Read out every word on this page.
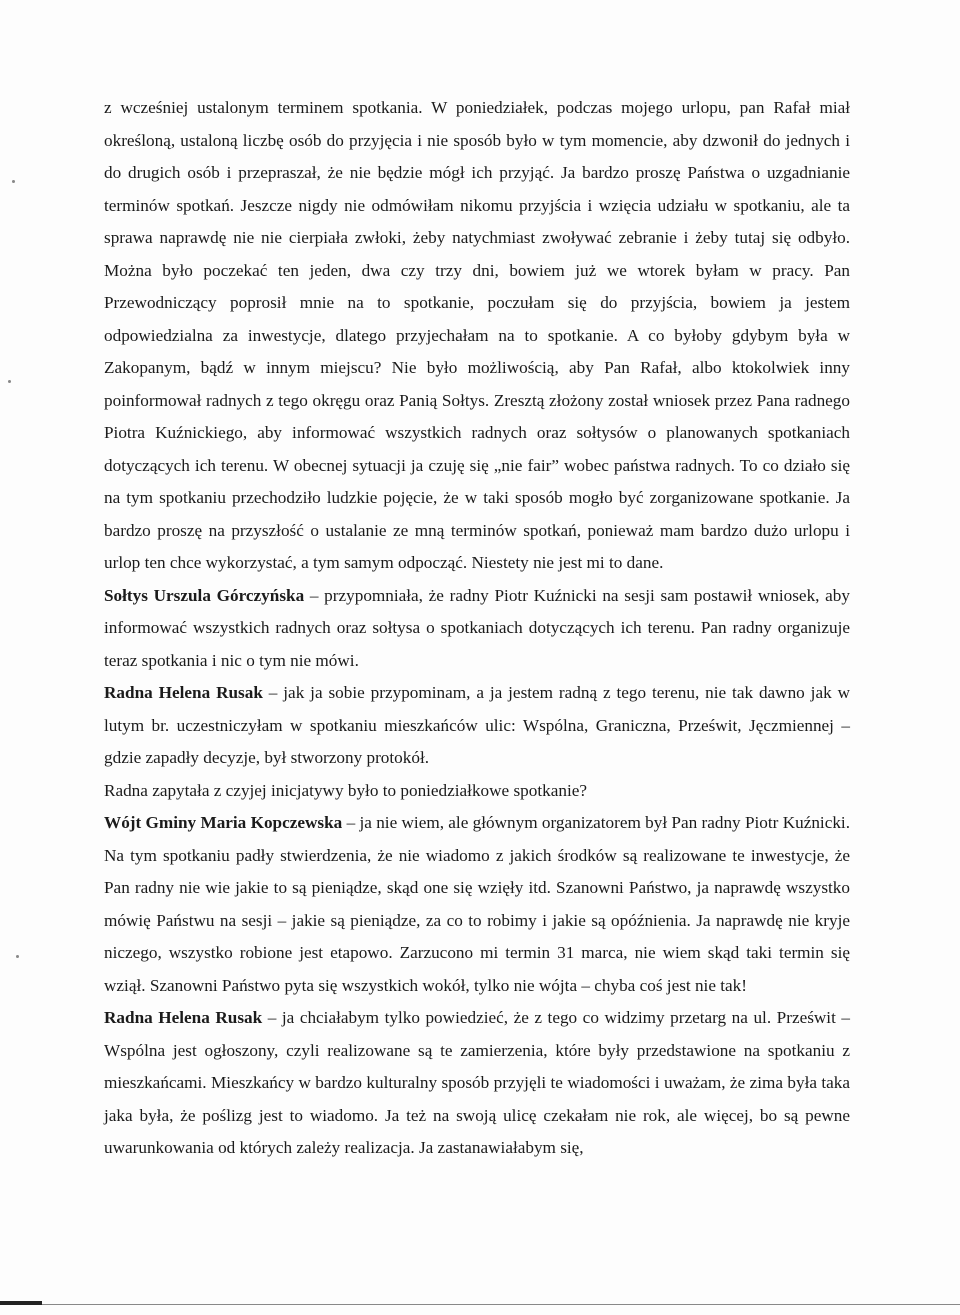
z wcześniej ustalonym terminem spotkania. W poniedziałek, podczas mojego urlopu, pan Rafał miał określoną, ustaloną liczbę osób do przyjęcia i nie sposób było w tym momencie, aby dzwonił do jednych i do drugich osób i przepraszał, że nie będzie mógł ich przyjąć. Ja bardzo proszę Państwa o uzgadnianie terminów spotkań. Jeszcze nigdy nie odmówiłam nikomu przyjścia i wzięcia udziału w spotkaniu, ale ta sprawa naprawdę nie nie cierpiała zwłoki, żeby natychmiast zwoływać zebranie i żeby tutaj się odbyło. Można było poczekać ten jeden, dwa czy trzy dni, bowiem już we wtorek byłam w pracy. Pan Przewodniczący poprosił mnie na to spotkanie, poczułam się do przyjścia, bowiem ja jestem odpowiedzialna za inwestycje, dlatego przyjechałam na to spotkanie. A co byłoby gdybym była w Zakopanym, bądź w innym miejscu? Nie było możliwością, aby Pan Rafał, albo ktokolwiek inny poinformował radnych z tego okręgu oraz Panią Sołtys. Zresztą złożony został wniosek przez Pana radnego Piotra Kuźnickiego, aby informować wszystkich radnych oraz sołtysów o planowanych spotkaniach dotyczących ich terenu. W obecnej sytuacji ja czuję się „nie fair” wobec państwa radnych. To co działo się na tym spotkaniu przechodziło ludzkie pojęcie, że w taki sposób mogło być zorganizowane spotkanie. Ja bardzo proszę na przyszłość o ustalanie ze mną terminów spotkań, ponieważ mam bardzo dużo urlopu i urlop ten chce wykorzystać, a tym samym odpocząć. Niestety nie jest mi to dane.

Sołtys Urszula Górczyńska – przypomniała, że radny Piotr Kuźnicki na sesji sam postawił wniosek, aby informować wszystkich radnych oraz sołtysa o spotkaniach dotyczących ich terenu. Pan radny organizuje teraz spotkania i nic o tym nie mówi.

Radna Helena Rusak – jak ja sobie przypominam, a ja jestem radną z tego terenu, nie tak dawno jak w lutym br. uczestniczyłam w spotkaniu mieszkańców ulic: Wspólna, Graniczna, Prześwit, Jęczmiennej – gdzie zapadły decyzje, był stworzony protokół.

Radna zapytała z czyjej inicjatywy było to poniedziałkowe spotkanie?

Wójt Gminy Maria Kopczewska – ja nie wiem, ale głównym organizatorem był Pan radny Piotr Kuźnicki. Na tym spotkaniu padły stwierdzenia, że nie wiadomo z jakich środków są realizowane te inwestycje, że Pan radny nie wie jakie to są pieniądze, skąd one się wzięły itd. Szanowni Państwo, ja naprawdę wszystko mówię Państwu na sesji – jakie są pieniądze, za co to robimy i jakie są opóźnienia. Ja naprawdę nie kryje niczego, wszystko robione jest etapowo. Zarzucono mi termin 31 marca, nie wiem skąd taki termin się wziął. Szanowni Państwo pyta się wszystkich wokół, tylko nie wójta – chyba coś jest nie tak!

Radna Helena Rusak – ja chciałabym tylko powiedzieć, że z tego co widzimy przetarg na ul. Prześwit – Wspólna jest ogłoszony, czyli realizowane są te zamierzenia, które były przedstawione na spotkaniu z mieszkańcami. Mieszkańcy w bardzo kulturalny sposób przyjęli te wiadomości i uważam, że zima była taka jaka była, że poślizg jest to wiadomo. Ja też na swoją ulicę czekałam nie rok, ale więcej, bo są pewne uwarunkowania od których zależy realizacja. Ja zastanawiałabym się,
